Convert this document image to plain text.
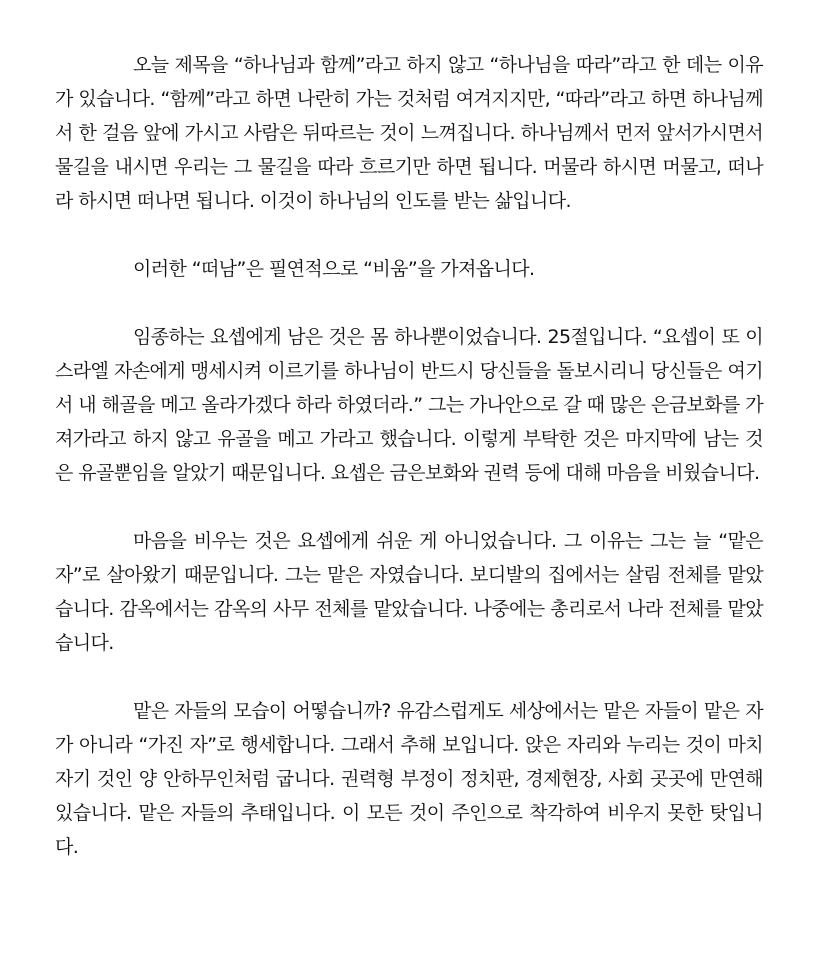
오늘 제목을 “하나님과 함께”라고 하지 않고 “하나님을 따라”라고 한 데는 이유가 있습니다. “함께”라고 하면 나란히 가는 것처럼 여겨지지만, “따라”라고 하면 하나님께서 한 걸음 앞에 가시고 사람은 뒤따르는 것이 느껴집니다. 하나님께서 먼저 앞서가시면서 물길을 내시면 우리는 그 물길을 따라 흐르기만 하면 됩니다. 머물라 하시면 머물고, 떠나라 하시면 떠나면 됩니다. 이것이 하나님의 인도를 받는 삶입니다.

이러한 “떠남”은 필연적으로 “비움”을 가져옵니다.

임종하는 요셉에게 남은 것은 몸 하나뿐이었습니다. 25절입니다. “요셉이 또 이스라엘 자손에게 맹세시켜 이르기를 하나님이 반드시 당신들을 돌보시리니 당신들은 여기서 내 해골을 메고 올라가겠다 하라 하였더라.” 그는 가나안으로 갈 때 많은 은금보화를 가져가라고 하지 않고 유골을 메고 가라고 했습니다. 이렇게 부탁한 것은 마지막에 남는 것은 유골뿐임을 알았기 때문입니다. 요셉은 금은보화와 권력 등에 대해 마음을 비웠습니다.

마음을 비우는 것은 요셉에게 쉬운 게 아니었습니다. 그 이유는 그는 늘 “맡은 자”로 살아왔기 때문입니다. 그는 맡은 자였습니다. 보디발의 집에서는 살림 전체를 맡았습니다. 감옥에서는 감옥의 사무 전체를 맡았습니다. 나중에는 총리로서 나라 전체를 맡았습니다.

맡은 자들의 모습이 어떻습니까? 유감스럽게도 세상에서는 맡은 자들이 맡은 자가 아니라 “가진 자”로 행세합니다. 그래서 추해 보입니다. 앉은 자리와 누리는 것이 마치 자기 것인 양 안하무인처럼 굽니다. 권력형 부정이 정치판, 경제현장, 사회 곳곳에 만연해 있습니다. 맡은 자들의 추태입니다. 이 모든 것이 주인으로 착각하여 비우지 못한 탓입니다.
